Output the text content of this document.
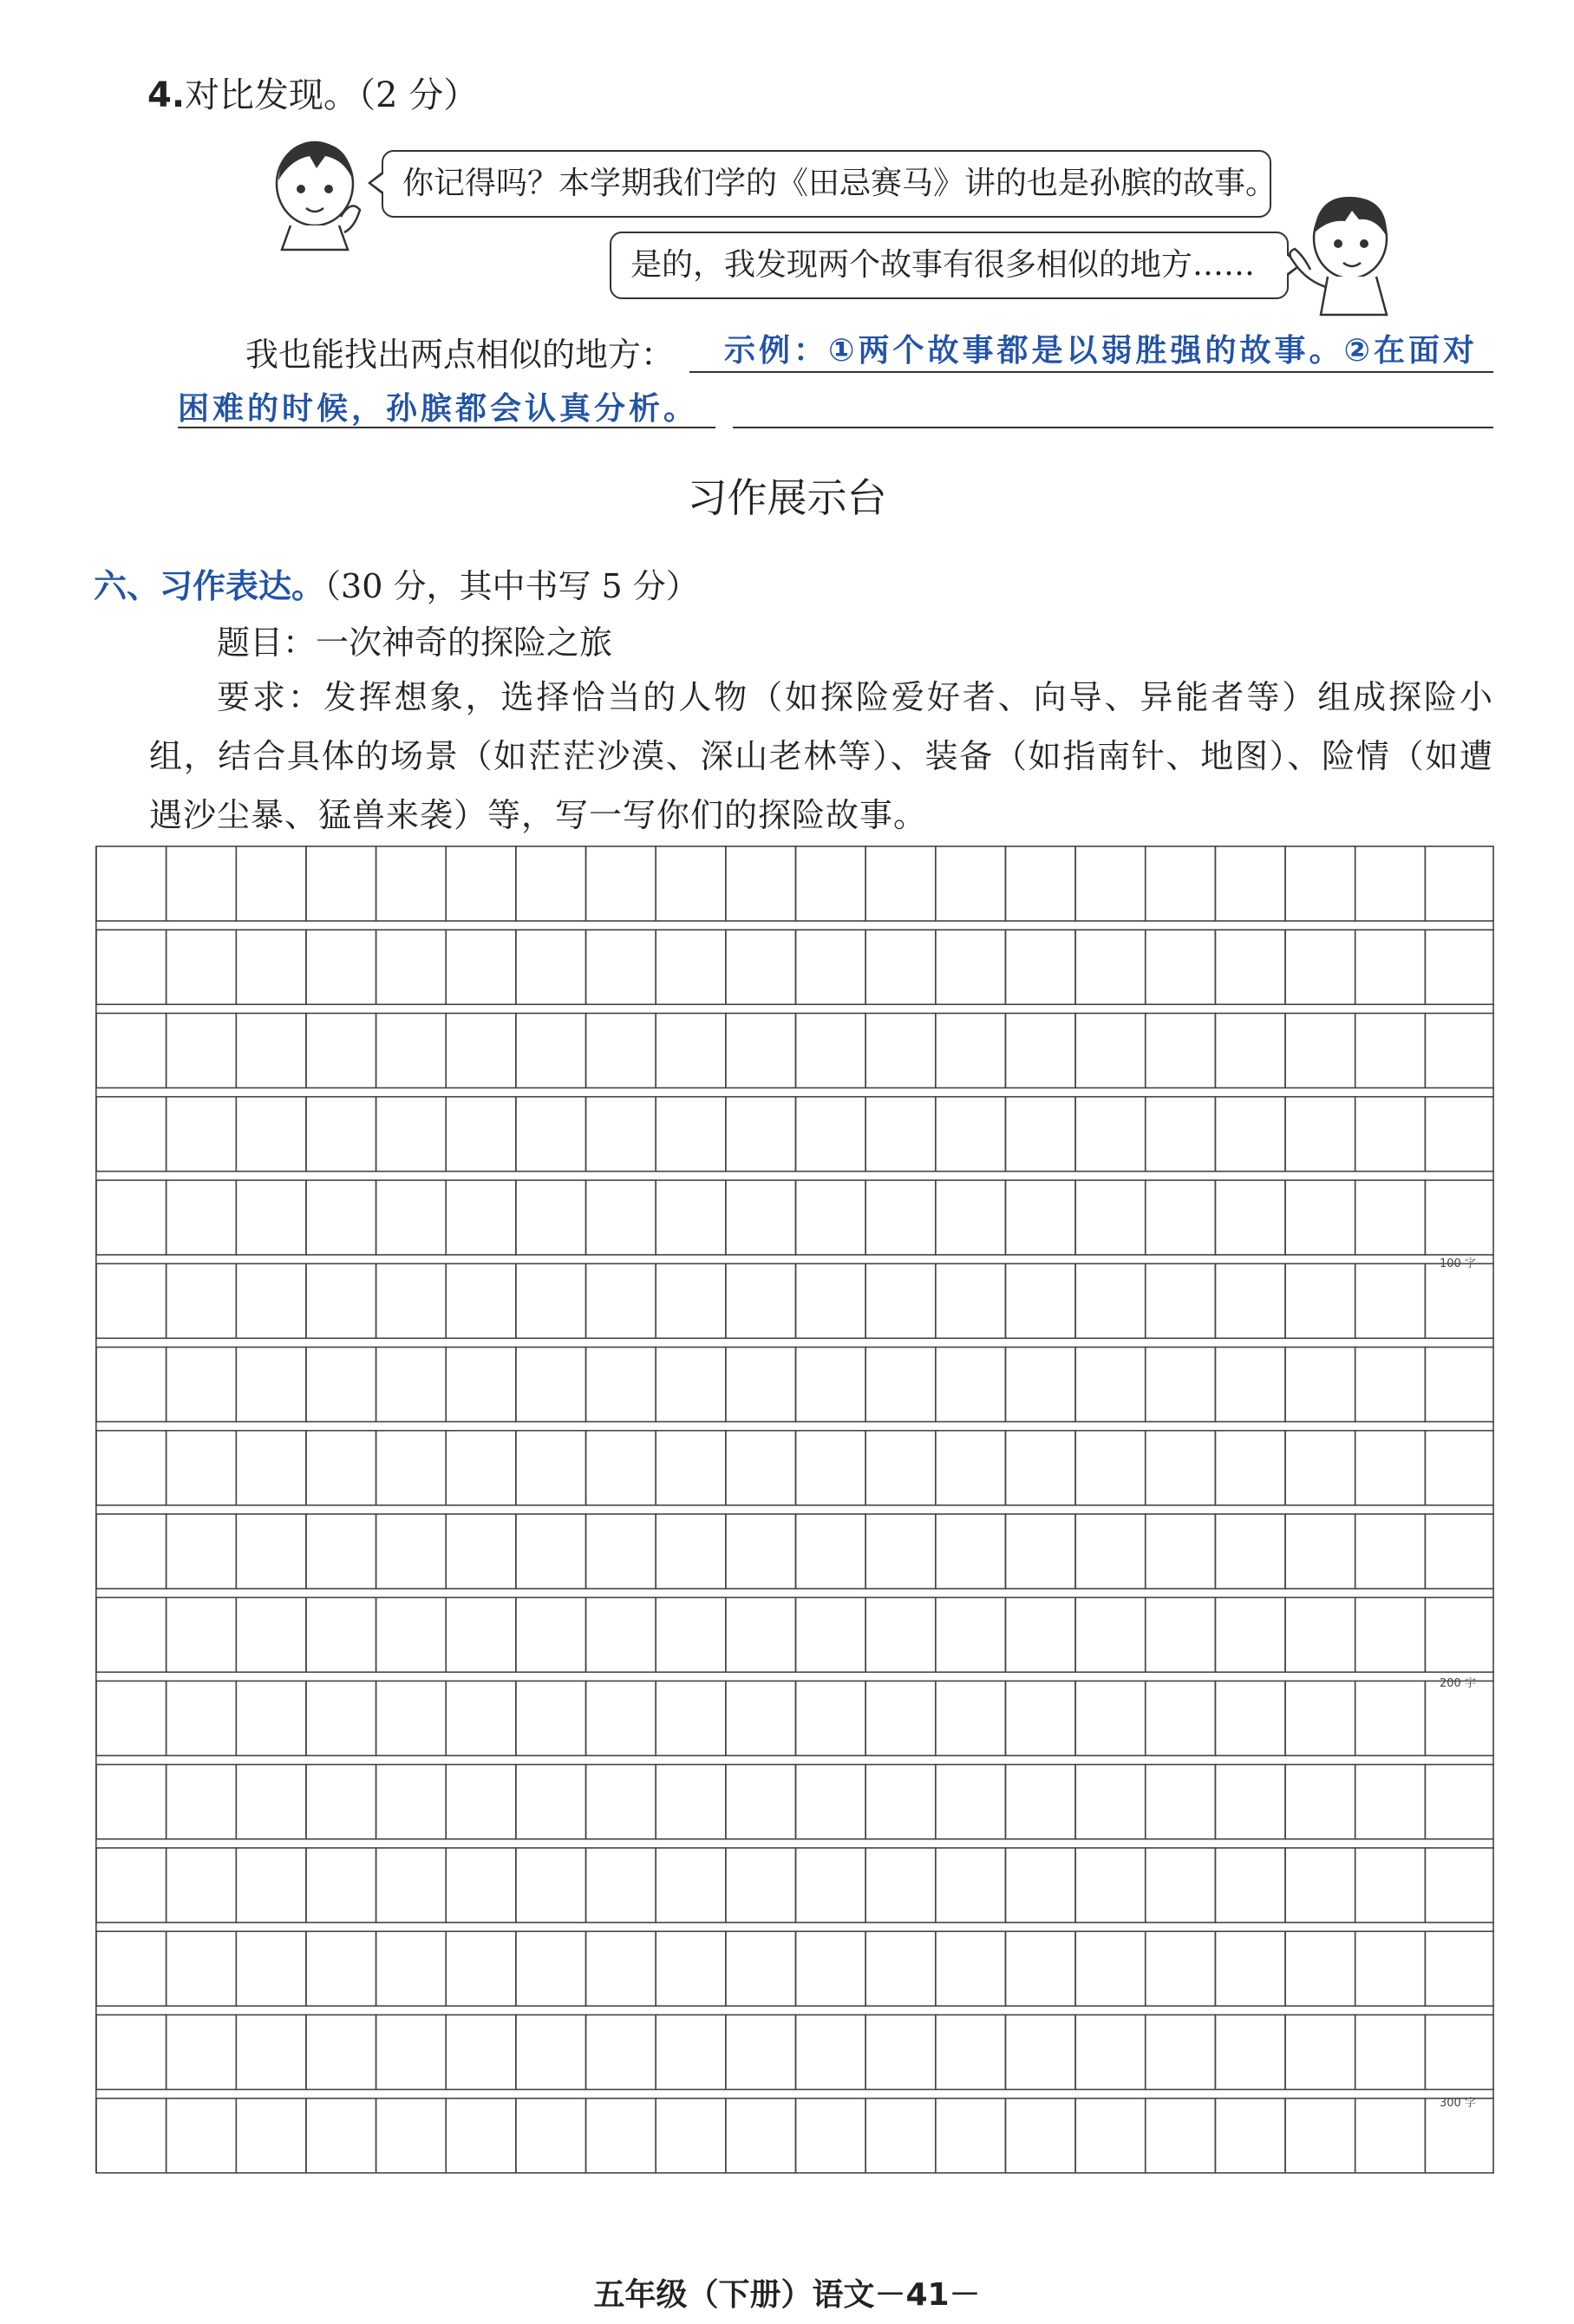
4.对比发现。（2 分）
你记得吗？本学期我们学的《田忌赛马》讲的也是孙膑的故事。
是的，我发现两个故事有很多相似的地方……
我也能找出两点相似的地方： 示例：①两个故事都是以弱胜强的故事。②在面对
困难的时候，孙膑都会认真分析。
习作展示台
六、习作表达。（30 分，其中书写 5 分）
题目：一次神奇的探险之旅
要求：发挥想象，选择恰当的人物（如探险爱好者、向导、异能者等）组成探险小组，结合具体的场景（如茫茫沙漠、深山老林等）、装备（如指南针、地图）、险情（如遭遇沙尘暴、猛兽来袭）等，写一写你们的探险故事。
100 字
200 字
300 字
五年级（下册）语文－41－
